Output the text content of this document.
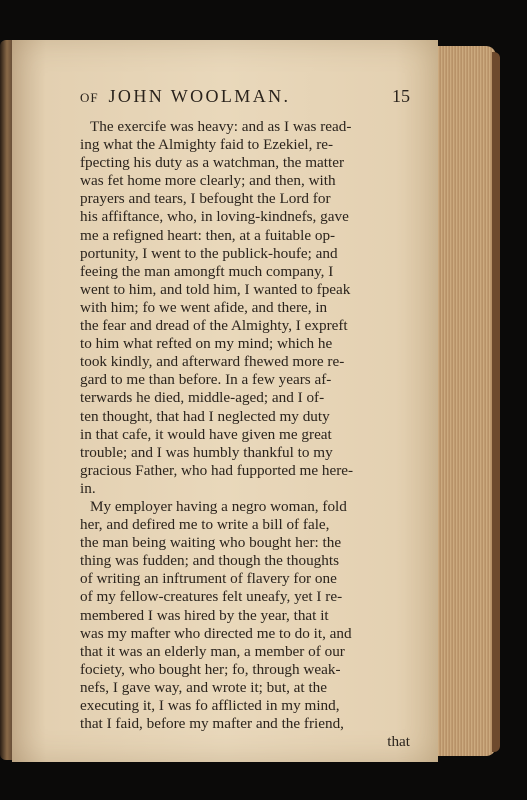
OF JOHN WOOLMAN.	15
The exercife was heavy: and as I was read-
ing what the Almighty faid to Ezekiel, re-
fpecting his duty as a watchman, the matter
was fet home more clearly; and then, with
prayers and tears, I befought the Lord for
his affiftance, who, in loving-kindnefs, gave
me a refigned heart: then, at a fuitable op-
portunity, I went to the publick-houfe; and
feeing the man amongft much company, I
went to him, and told him, I wanted to fpeak
with him; fo we went afide, and there, in
the fear and dread of the Almighty, I expreft
to him what refted on my mind; which he
took kindly, and afterward fhewed more re-
gard to me than before. In a few years af-
terwards he died, middle-aged; and I of-
ten thought, that had I neglected my duty
in that cafe, it would have given me great
trouble; and I was humbly thankful to my
gracious Father, who had fupported me here-
in.
My employer having a negro woman, fold
her, and defired me to write a bill of fale,
the man being waiting who bought her: the
thing was fudden; and though the thoughts
of writing an inftrument of flavery for one
of my fellow-creatures felt uneafy, yet I re-
membered I was hired by the year, that it
was my mafter who directed me to do it, and
that it was an elderly man, a member of our
fociety, who bought her; fo, through weak-
nefs, I gave way, and wrote it; but, at the
executing it, I was fo afflicted in my mind,
that I faid, before my mafter and the friend,
that
